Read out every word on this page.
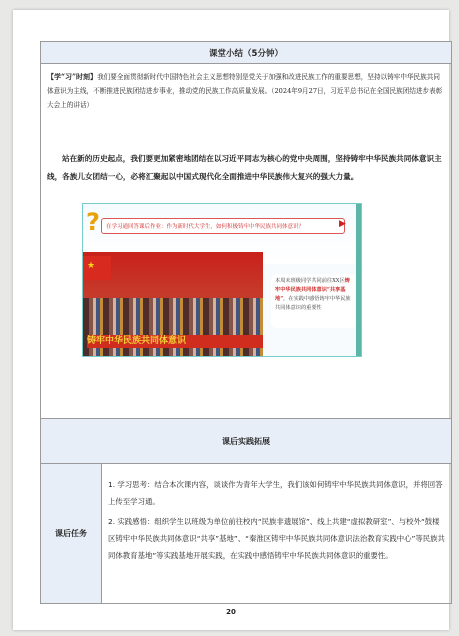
课堂小结（5分钟）
【学“习”时刻】我们要全面贯彻新时代中国特色社会主义思想特别是党关于加强和改进民族工作的重要思想，坚持以铸牢中华民族共同体意识为主线，不断推进民族团结进步事业，推动党的民族工作高质量发展。（2024年9月27日，习近平总书记在全国民族团结进步表彰大会上的讲话）
站在新的历史起点，我们要更加紧密地团结在以习近平同志为核心的党中央周围，坚持铸牢中华民族共同体意识主线，各族儿女团结一心，必将汇聚起以中国式现代化全面推进中华民族伟大复兴的强大力量。
课后实践拓展
课后任务

1. 学习思考：结合本次课内容，谈谈作为青年大学生，我们该如何铸牢中华民族共同体意识，并将回答上传至学习通。

2. 实践感悟：组织学生以班级为单位前往校内“民族非遗展馆”、线上共建“虚拟教研室”、与校外“鼓楼区铸牢中华民族共同体意识“共享”基地”、“秦淮区铸牢中华民族共同体意识法治教育实践中心”等民族共同体教育基地”等实践基地开展实践，在实践中感悟铸牢中华民族共同体意识的重要性。

20
?	在学习通回答课后作业：作为新时代大学生，如何积极铸牢中华民族共同体意识？	▶
★
铸牢中华民族共同体意识
本周末班级同学共同前往XX区铸牢中华民族共同体意识“共享基地”，在实践中感悟铸牢中华民族共同体意识的重要性
